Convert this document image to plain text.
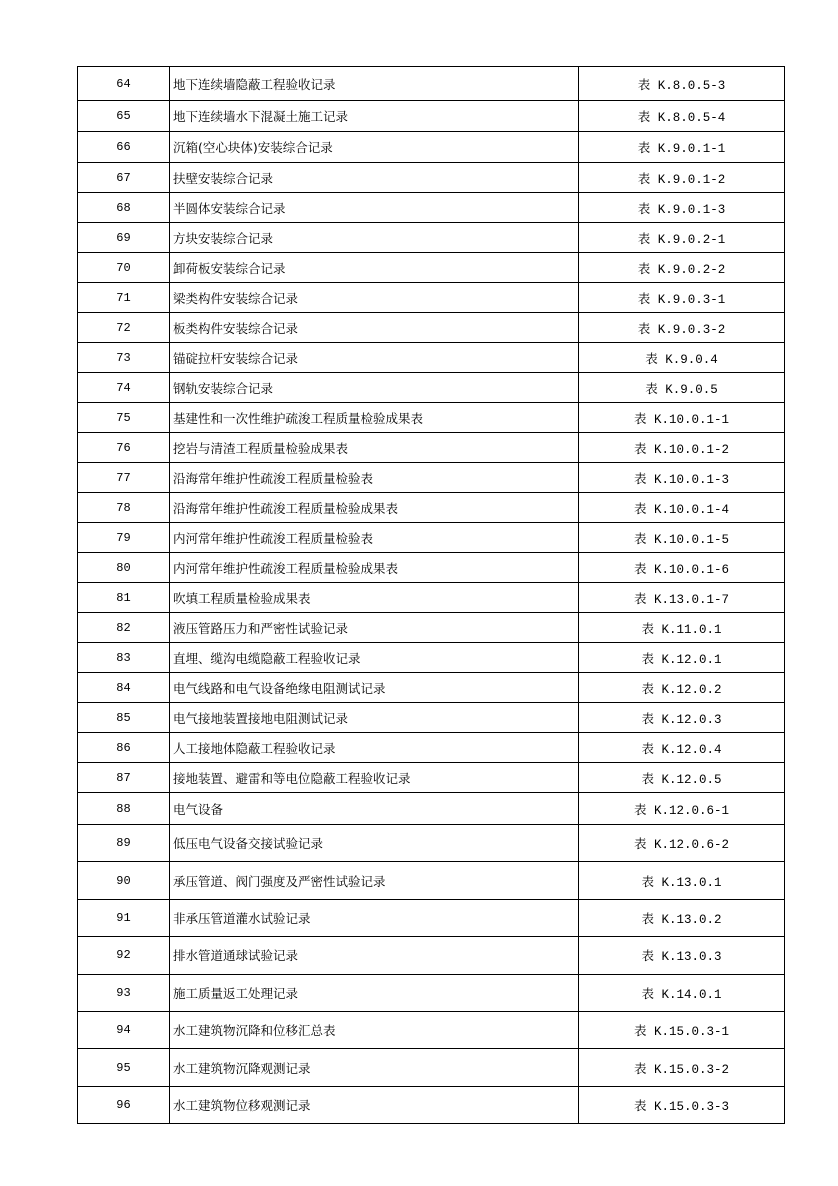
64	地下连续墙隐蔽工程验收记录	表 K.8.0.5-3
65	地下连续墙水下混凝土施工记录	表 K.8.0.5-4
66	沉箱(空心块体)安装综合记录	表 K.9.0.1-1
67	扶壁安装综合记录	表 K.9.0.1-2
68	半圆体安装综合记录	表 K.9.0.1-3
69	方块安装综合记录	表 K.9.0.2-1
70	卸荷板安装综合记录	表 K.9.0.2-2
71	梁类构件安装综合记录	表 K.9.0.3-1
72	板类构件安装综合记录	表 K.9.0.3-2
73	锚碇拉杆安装综合记录	表 K.9.0.4
74	钢轨安装综合记录	表 K.9.0.5
75	基建性和一次性维护疏浚工程质量检验成果表	表 K.10.0.1-1
76	挖岩与清渣工程质量检验成果表	表 K.10.0.1-2
77	沿海常年维护性疏浚工程质量检验表	表 K.10.0.1-3
78	沿海常年维护性疏浚工程质量检验成果表	表 K.10.0.1-4
79	内河常年维护性疏浚工程质量检验表	表 K.10.0.1-5
80	内河常年维护性疏浚工程质量检验成果表	表 K.10.0.1-6
81	吹填工程质量检验成果表	表 K.13.0.1-7
82	液压管路压力和严密性试验记录	表 K.11.0.1
83	直埋、缆沟电缆隐蔽工程验收记录	表 K.12.0.1
84	电气线路和电气设备绝缘电阻测试记录	表 K.12.0.2
85	电气接地装置接地电阻测试记录	表 K.12.0.3
86	人工接地体隐蔽工程验收记录	表 K.12.0.4
87	接地装置、避雷和等电位隐蔽工程验收记录	表 K.12.0.5
88	电气设备	表 K.12.0.6-1
89	低压电气设备交接试验记录	表 K.12.0.6-2
90	承压管道、阀门强度及严密性试验记录	表 K.13.0.1
91	非承压管道灌水试验记录	表 K.13.0.2
92	排水管道通球试验记录	表 K.13.0.3
93	施工质量返工处理记录	表 K.14.0.1
94	水工建筑物沉降和位移汇总表	表 K.15.0.3-1
95	水工建筑物沉降观测记录	表 K.15.0.3-2
96	水工建筑物位移观测记录	表 K.15.0.3-3
